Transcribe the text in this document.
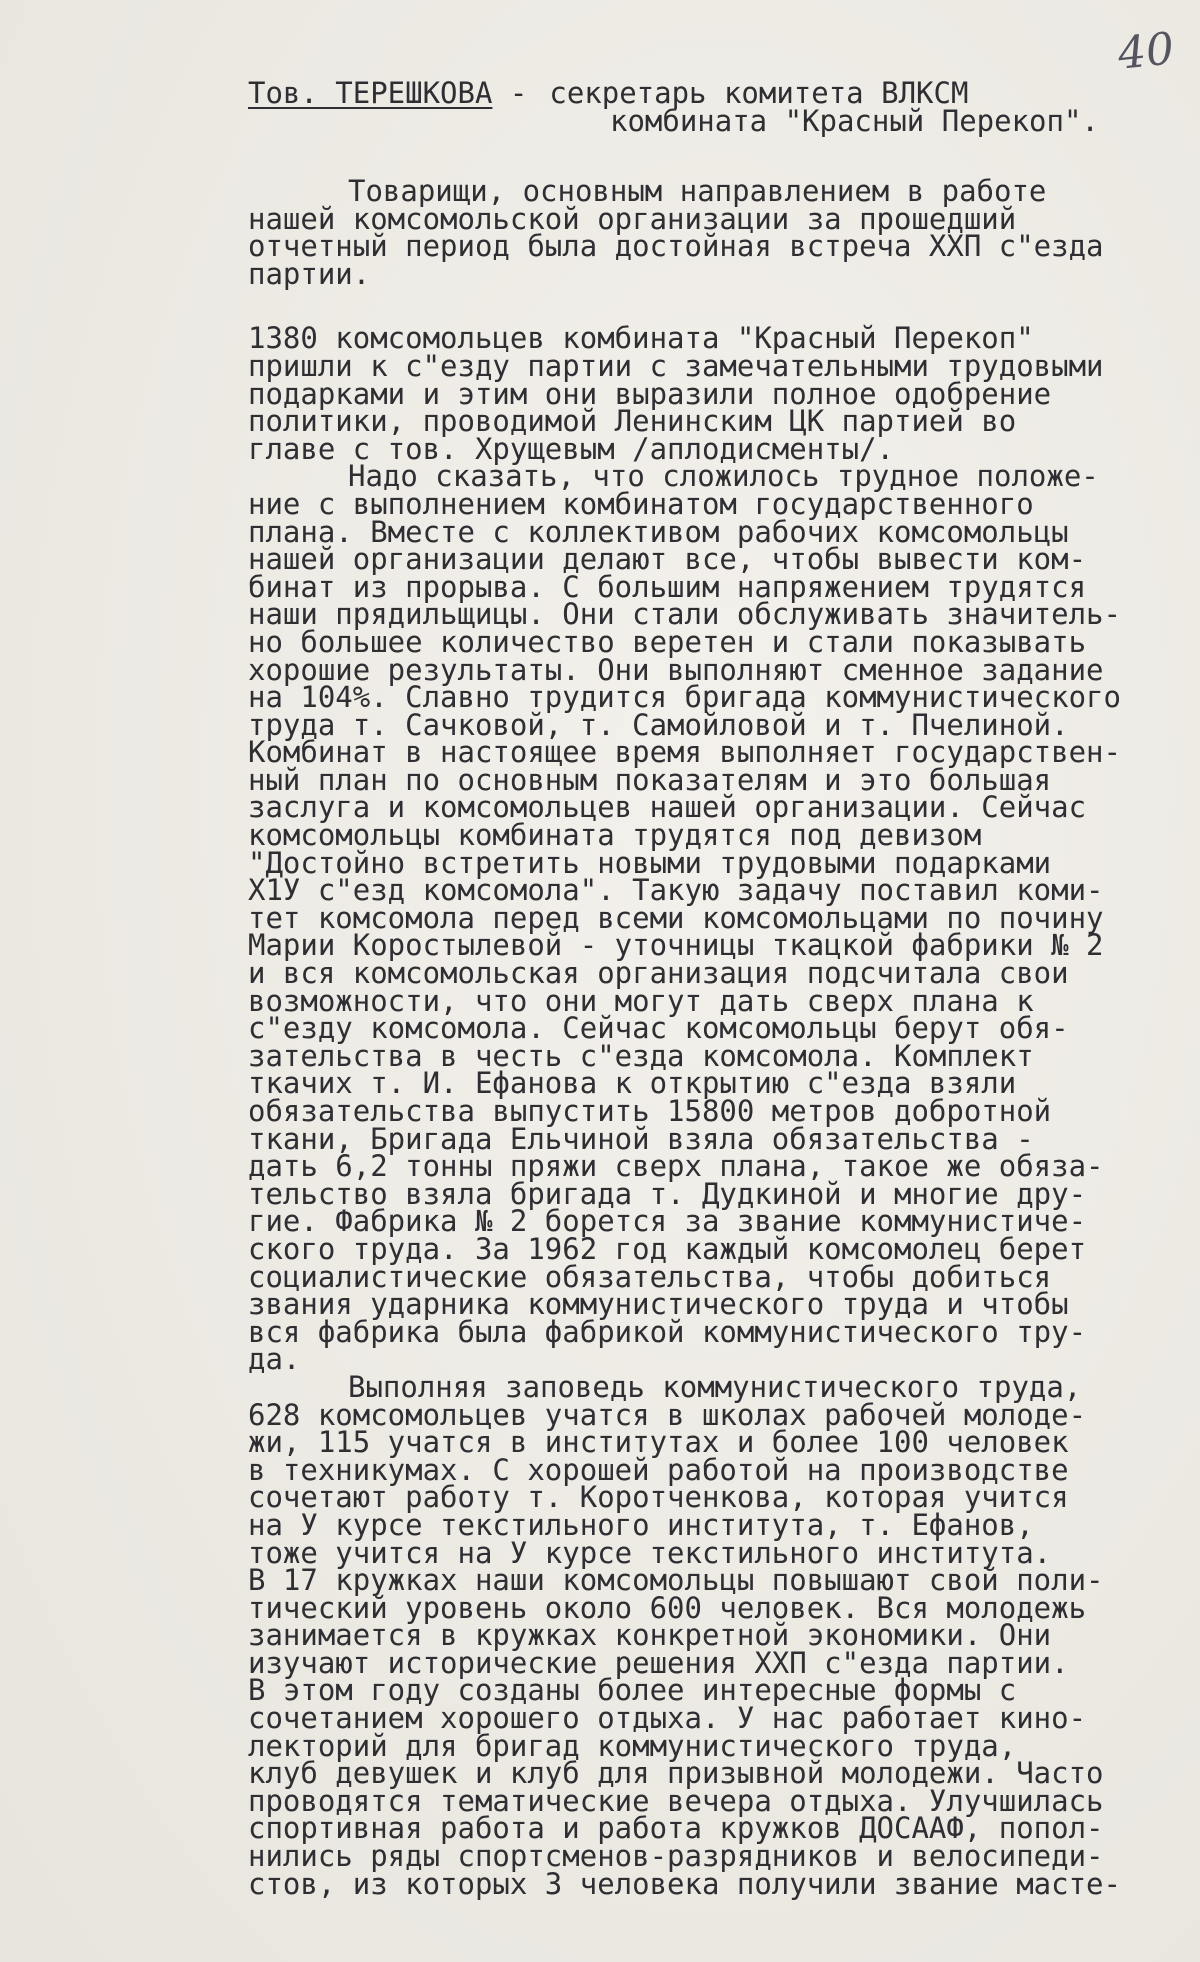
40
Тов. ТЕРЕШКОВА
- секретарь комитета ВЛКСМ
комбината "Красный Перекоп".
Товарищи, основным направлением в работе
нашей комсомольской организации за прошедший
отчетный период была достойная встреча XXП с"езда
партии.
1380 комсомольцев комбината "Красный Перекоп"
пришли к с"езду партии с замечательными трудовыми
подарками и этим они выразили полное одобрение
политики, проводимой Ленинским ЦК партией во
главе с тов. Хрущевым /аплодисменты/.
Надо сказать, что сложилось трудное положе-
ние с выполнением комбинатом государственного
плана. Вместе с коллективом рабочих комсомольцы
нашей организации делают все, чтобы вывести ком-
бинат из прорыва. С большим напряжением трудятся
наши прядильщицы. Они стали обслуживать значитель-
но большее количество веретен и стали показывать
хорошие результаты. Они выполняют сменное задание
на 104%. Славно трудится бригада коммунистического
труда т. Сачковой, т. Самойловой и т. Пчелиной.
Комбинат в настоящее время выполняет государствен-
ный план по основным показателям и это большая
заслуга и комсомольцев нашей организации. Сейчас
комсомольцы комбината трудятся под девизом
"Достойно встретить новыми трудовыми подарками
X1У с"езд комсомола". Такую задачу поставил коми-
тет комсомола перед всеми комсомольцами по почину
Марии Коростылевой - уточницы ткацкой фабрики № 2
и вся комсомольская организация подсчитала свои
возможности, что они могут дать сверх плана к
с"езду комсомола. Сейчас комсомольцы берут обя-
зательства в честь с"езда комсомола. Комплект
ткачих т. И. Ефанова к открытию с"езда взяли
обязательства выпустить 15800 метров добротной
ткани, Бригада Ельчиной взяла обязательства -
дать 6,2 тонны пряжи сверх плана, такое же обяза-
тельство взяла бригада т. Дудкиной и многие дру-
гие. Фабрика № 2 борется за звание коммунистиче-
ского труда. За 1962 год каждый комсомолец берет
социалистические обязательства, чтобы добиться
звания ударника коммунистического труда и чтобы
вся фабрика была фабрикой коммунистического тру-
да.
Выполняя заповедь коммунистического труда,
628 комсомольцев учатся в школах рабочей молоде-
жи, 115 учатся в институтах и более 100 человек
в техникумах. С хорошей работой на производстве
сочетают работу т. Коротченкова, которая учится
на У курсе текстильного института, т. Ефанов,
тоже учится на У курсе текстильного института.
В 17 кружках наши комсомольцы повышают свой поли-
тический уровень около 600 человек. Вся молодежь
занимается в кружках конкретной экономики. Они
изучают исторические решения XXП с"езда партии.
В этом году созданы более интересные формы с
сочетанием хорошего отдыха. У нас работает кино-
лекторий для бригад коммунистического труда,
клуб девушек и клуб для призывной молодежи. Часто
проводятся тематические вечера отдыха. Улучшилась
спортивная работа и работа кружков ДОСААФ, попол-
нились ряды спортсменов-разрядников и велосипеди-
стов, из которых 3 человека получили звание масте-
